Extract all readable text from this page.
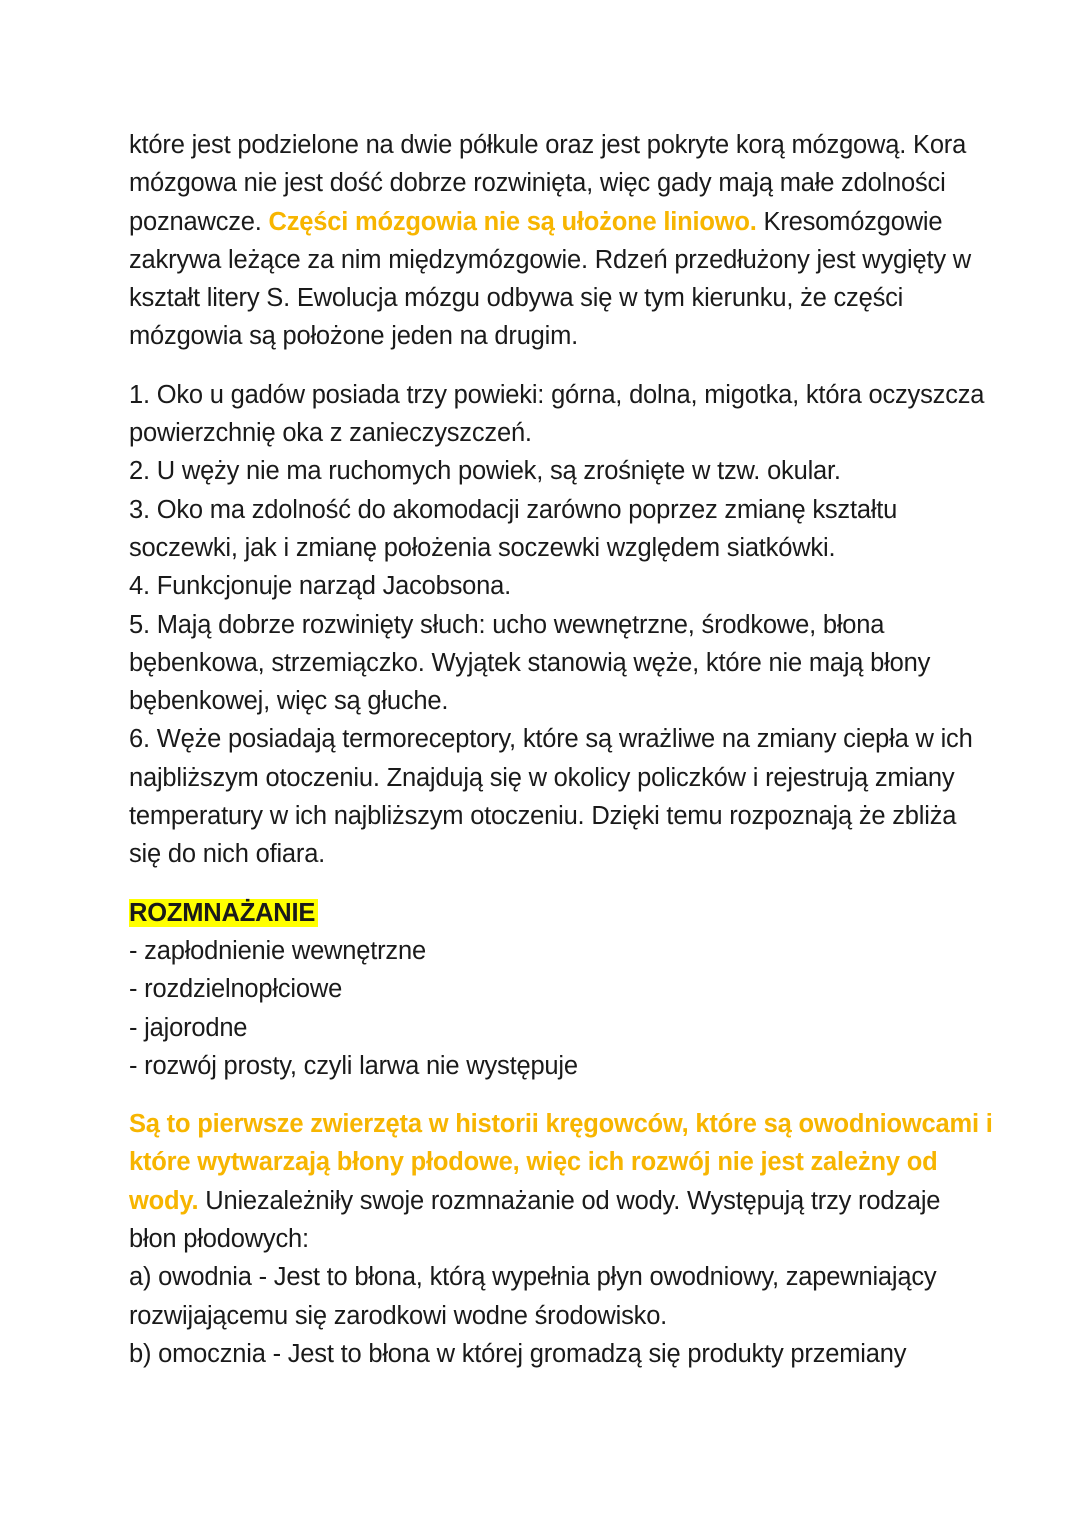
które jest podzielone na dwie półkule oraz jest pokryte korą mózgową. Kora
mózgowa nie jest dość dobrze rozwinięta, więc gady mają małe zdolności
poznawcze. Części mózgowia nie są ułożone liniowo. Kresomózgowie
zakrywa leżące za nim międzymózgowie. Rdzeń przedłużony jest wygięty w
kształt litery S. Ewolucja mózgu odbywa się w tym kierunku, że części
mózgowia są położone jeden na drugim.
1. Oko u gadów posiada trzy powieki: górna, dolna, migotka, która oczyszcza
powierzchnię oka z zanieczyszczeń.
2. U węży nie ma ruchomych powiek, są zrośnięte w tzw. okular.
3. Oko ma zdolność do akomodacji zarówno poprzez zmianę kształtu
soczewki, jak i zmianę położenia soczewki względem siatkówki.
4. Funkcjonuje narząd Jacobsona.
5. Mają dobrze rozwinięty słuch: ucho wewnętrzne, środkowe, błona
bębenkowa, strzemiączko. Wyjątek stanowią węże, które nie mają błony
bębenkowej, więc są głuche.
6. Węże posiadają termoreceptory, które są wrażliwe na zmiany ciepła w ich
najbliższym otoczeniu. Znajdują się w okolicy policzków i rejestrują zmiany
temperatury w ich najbliższym otoczeniu. Dzięki temu rozpoznają że zbliża
się do nich ofiara.
ROZMNAŻANIE
- zapłodnienie wewnętrzne
- rozdzielnopłciowe
- jajorodne
- rozwój prosty, czyli larwa nie występuje
Są to pierwsze zwierzęta w historii kręgowców, które są owodniowcami i
które wytwarzają błony płodowe, więc ich rozwój nie jest zależny od
wody. Uniezależniły swoje rozmnażanie od wody. Występują trzy rodzaje
błon płodowych:
a) owodnia - Jest to błona, którą wypełnia płyn owodniowy, zapewniający
rozwijającemu się zarodkowi wodne środowisko.
b) omocznia - Jest to błona w której gromadzą się produkty przemiany
